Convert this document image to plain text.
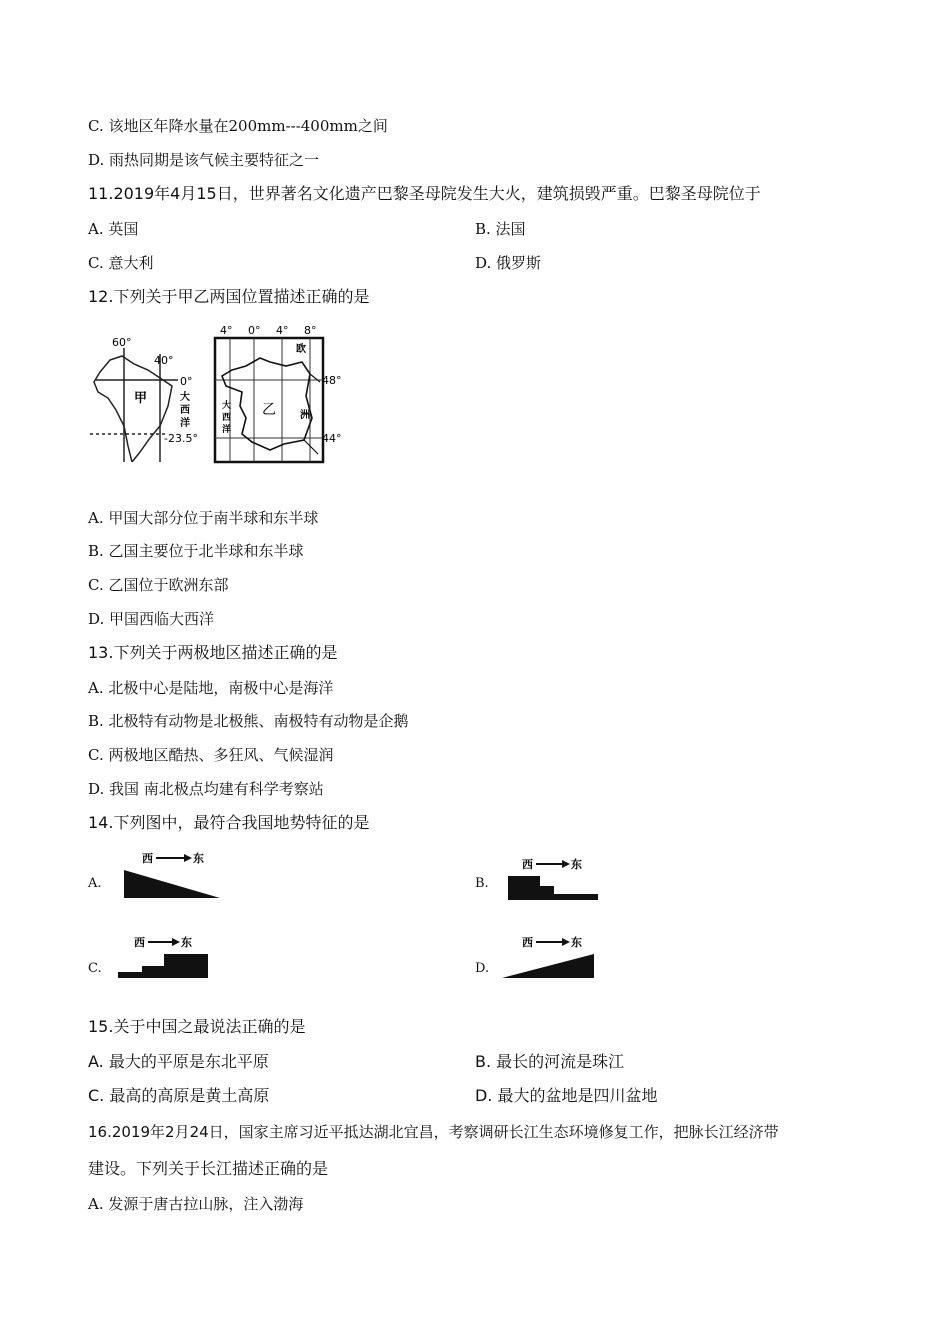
C. 该地区年降水量在200mm---400mm之间
D. 雨热同期是该气候主要特征之一
11.2019年4月15日，世界著名文化遗产巴黎圣母院发生大火，建筑损毁严重。巴黎圣母院位于
A. 英国	B. 法国
C. 意大利	D. 俄罗斯
12.下列关于甲乙两国位置描述正确的是
60°
40°
0°
-23.5°
甲	大
西
洋
4° 0° 4° 8°
48°
44°
欧
洲
乙
大
西
洋
A. 甲国大部分位于南半球和东半球
B. 乙国主要位于北半球和东半球
C. 乙国位于欧洲东部
D. 甲国西临大西洋
13.下列关于两极地区描述正确的是
A. 北极中心是陆地，南极中心是海洋
B. 北极特有动物是北极熊、南极特有动物是企鹅
C. 两极地区酷热、多狂风、气候湿润
D. 我国 南北极点均建有科学考察站
14.下列图中，最符合我国地势特征的是
A.
西	东
B.
西	东
C.
西	东
D.
西	东
15.关于中国之最说法正确的是
A. 最大的平原是东北平原	B. 最长的河流是珠江
C. 最高的高原是黄土高原	D. 最大的盆地是四川盆地
16.2019年2月24日，国家主席习近平抵达湖北宜昌，考察调研长江生态环境修复工作，把脉长江经济带
建设。下列关于长江描述正确的是
A. 发源于唐古拉山脉，注入渤海
